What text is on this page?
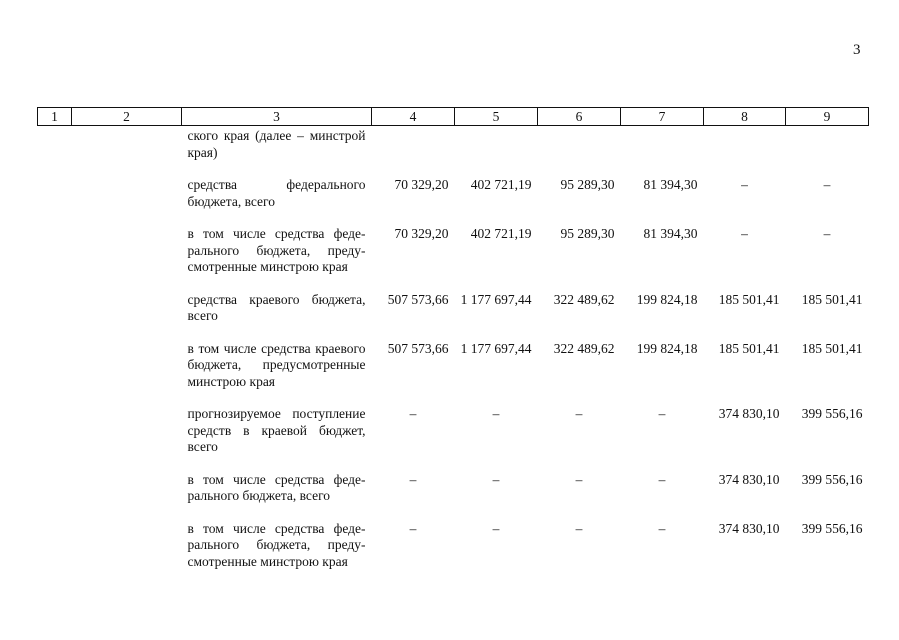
3
1	2	3	4	5	6	7	8	9
		ского края (далее – минстрой края)						
		средства федерального бюджета, всего	70 329,20	402 721,19	95 289,30	81 394,30	–	–
		в том числе средства федерального бюджета, предусмотренные минстрою края	70 329,20	402 721,19	95 289,30	81 394,30	–	–
		средства краевого бюджета, всего	507 573,66	1 177 697,44	322 489,62	199 824,18	185 501,41	185 501,41
		в том числе средства краевого бюджета, предусмотренные минстрою края	507 573,66	1 177 697,44	322 489,62	199 824,18	185 501,41	185 501,41
		прогнозируемое поступление средств в краевой бюджет, всего	–	–	–	–	374 830,10	399 556,16
		в том числе средства федерального бюджета, всего	–	–	–	–	374 830,10	399 556,16
		в том числе средства федерального бюджета, предусмотренные минстрою края	–	–	–	–	374 830,10	399 556,16
